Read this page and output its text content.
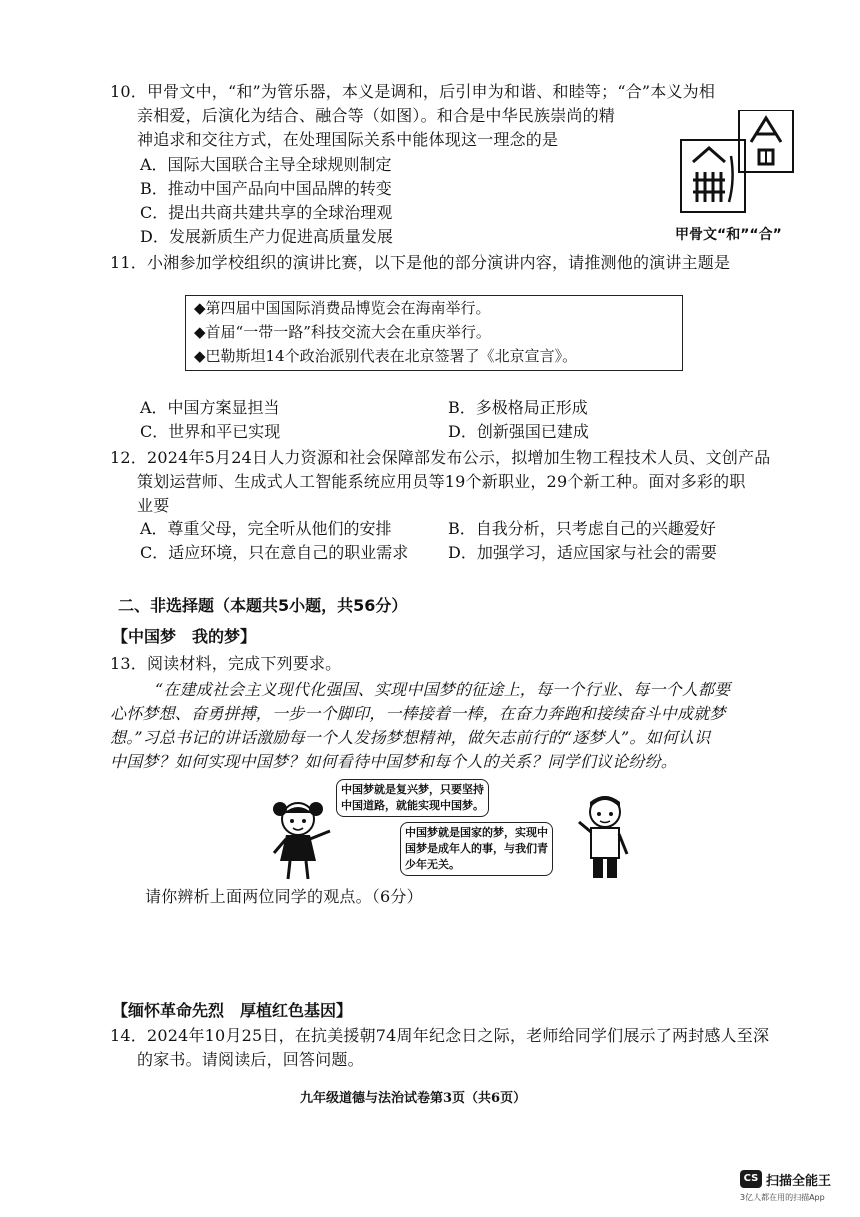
10．甲骨文中，“和”为管乐器，本义是调和，后引申为和谐、和睦等；“合”本义为相
亲相爱，后演化为结合、融合等（如图）。和合是中华民族崇尚的精
神追求和交往方式，在处理国际关系中能体现这一理念的是
A．国际大国联合主导全球规则制定
B．推动中国产品向中国品牌的转变
C．提出共商共建共享的全球治理观
D．发展新质生产力促进高质量发展	甲骨文“和”“合”
11．小湘参加学校组织的演讲比赛，以下是他的部分演讲内容，请推测他的演讲主题是
◆第四届中国国际消费品博览会在海南举行。
◆首届“一带一路”科技交流大会在重庆举行。
◆巴勒斯坦14个政治派别代表在北京签署了《北京宣言》。
A．中国方案显担当	B．多极格局正形成
C．世界和平已实现	D．创新强国已建成
12．2024年5月24日人力资源和社会保障部发布公示，拟增加生物工程技术人员、文创产品
策划运营师、生成式人工智能系统应用员等19个新职业，29个新工种。面对多彩的职
业要
A．尊重父母，完全听从他们的安排	B．自我分析，只考虑自己的兴趣爱好
C．适应环境，只在意自己的职业需求 D．加强学习，适应国家与社会的需要
二、非选择题（本题共5小题，共56分）
【中国梦　我的梦】
13．阅读材料，完成下列要求。
“在建成社会主义现代化强国、实现中国梦的征途上，每一个行业、每一个人都要
心怀梦想、奋勇拼搏，一步一个脚印，一棒接着一棒，在奋力奔跑和接续奋斗中成就梦
想。”习总书记的讲话激励每一个人发扬梦想精神，做矢志前行的“逐梦人”。如何认识
中国梦？如何实现中国梦？如何看待中国梦和每个人的关系？同学们议论纷纷。
中国梦就是复兴梦，只要坚持
中国道路，就能实现中国梦。
中国梦就是国家的梦，实现中
国梦是成年人的事，与我们青
少年无关。
请你辨析上面两位同学的观点。（6分）
【缅怀革命先烈　厚植红色基因】
14．2024年10月25日，在抗美援朝74周年纪念日之际，老师给同学们展示了两封感人至深
的家书。请阅读后，回答问题。
九年级道德与法治试卷第3页（共6页）
CS 扫描全能王
3亿人都在用的扫描App
